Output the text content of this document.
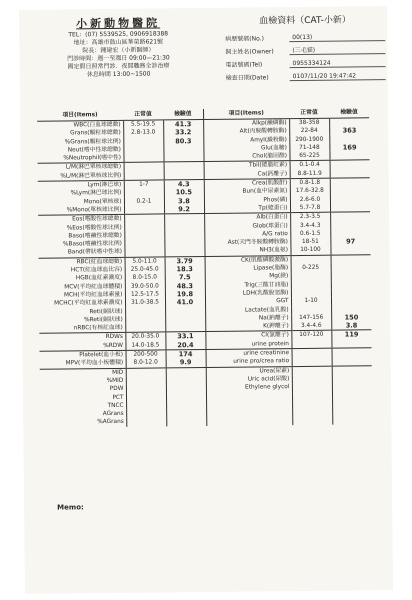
小新動物醫院
TEL：(07) 5539525, 0906918388
地址：高雄市鼓山區華榮路621號
院長：鍾建宏（小新醫師）
門診時間：週一至週日 09:00—21:30
國定假日照常門診．夜間職務全診治療
休息時間 13:00~1500
血檢資料（CAT-小新）
病歷號碼(No.)	00(13)
飼主姓名(Owner)	(三毛貓)
電話號碼(Tel)	0955334124
檢查日期(Date)	0107/11/20 19:47:42
項目(Items)	正常值	檢驗值	項目(Items)	正常值	檢驗值
WBC(白血球總數)	5.5-19.5	41.3	Alkp(鹼磷酶)	38-358	
Grans(顆粒球總數)	2.8-13.0	33.2	Alt(丙胺酸轉胺酶)	22-84	363
%Grans(顆粒球比例)		80.3	Amyl(澱粉酶)	290-1900	
Neut(嗜中性球總數)			Glu(血糖)	71-148	169
%Neutrophil(嗜中性)			Chol(膽固醇)	65-225	
L/M(淋巴單核球總數)			Tbil(總膽紅素)	0.1-0.4	
%L/M(淋巴單核球比例)			Ca(鈣離子)	8.8-11.9	
Lym(淋巴球)	1-7	4.3	Crea(肌酸酐)	0.8-1.8	
%Lym(淋巴球比例)		10.5	Bun(血中尿素氮)	17.6-32.8	
Mono(單核球)	0.2-1	3.8	Phos(磷)	2.6-6.0	
%Mono(單核球比例)		9.2	Tp(總蛋白)	5.7-7.8	
Eos(嗜酸性球總數)			Alb(白蛋白)	2.3-3.5	
%Eos(嗜酸性球比例)			Glob(球蛋白)	3.4-4.3	
Baso(嗜鹼性球總數)			A/G ratio	0.6-1.5	
%Baso(嗜鹼性球比例)			Ast(天門冬胺酸轉胺酶)	18-51	97
Band(帶狀嗜中性球)			NH3(血氨)	10-100	
RBC(紅血球總數)	5.0-11.0	3.79	CK(肌酸磷酸激酶)		
HCT(紅血球血比容)	25.0-45.0	18.3	Lipase(脂酶)	0-225	
HGB(血紅素濃度)	8.0-15.0	7.5	Mg(鎂)		
MCV(平均紅血球體積)	39.0-50.0	48.3	Trig(三酸甘油脂)		
MCH(平均紅血球素量)	12.5-17.5	19.8	LDH(乳酸脫氫酶)		
MCHC(平均紅血球素濃度)	31.0-38.5	41.0	GGT	1-10	
Reti(網狀球)			Lactate(血乳酸)		
%Reti(網狀球)			Na(鈉離子)	147-156	150
nRBC(有核紅血球)			K(鉀離子)	3.4-4.6	3.8
RDWs	20.0-35.0	33.1	Cl(氯離子)	107-120	119
%RDW	14.0-18.5	20.4	urine protein		
Platelet(血小板)	200-500	174	urine creatinine		
MPV(平均血小板體積)	8.0-12.0	9.9	urine pro/crea ratio		
MID			Urea(尿素)		
%MID			Uric acid(尿酸)		
PDW			Ethylene glycol		
PCT					
TNCC					
AGrans					
%AGrans					
Memo:
